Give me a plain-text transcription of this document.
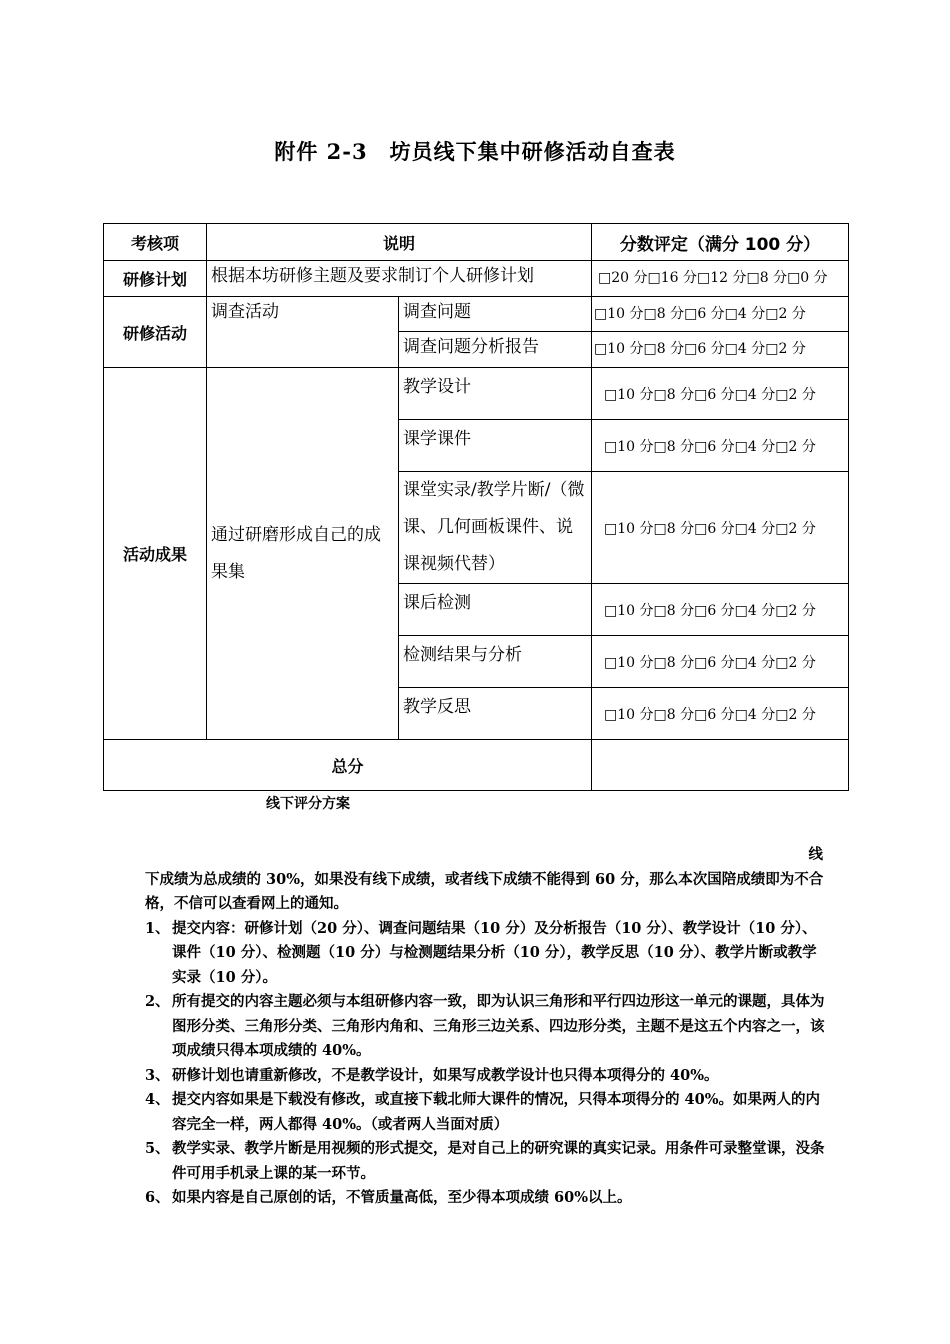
附件 2-3　坊员线下集中研修活动自查表
考核项	说明		分数评定（满分 100 分）
研修计划	根据本坊研修主题及要求制订个人研修计划		□20 分□16 分□12 分□8 分□0 分
研修活动	调查活动	调查问题	□10 分□8 分□6 分□4 分□2 分
		调查问题分析报告	□10 分□8 分□6 分□4 分□2 分
活动成果	通过研磨形成自己的成果集	教学设计	□10 分□8 分□6 分□4 分□2 分
		课学课件	□10 分□8 分□6 分□4 分□2 分
		课堂实录/教学片断/（微课、几何画板课件、说课视频代替）	□10 分□8 分□6 分□4 分□2 分
		课后检测	□10 分□8 分□6 分□4 分□2 分
		检测结果与分析	□10 分□8 分□6 分□4 分□2 分
		教学反思	□10 分□8 分□6 分□4 分□2 分
总分			
线下评分方案
线
下成绩为总成绩的 30%，如果没有线下成绩，或者线下成绩不能得到 60 分，那么本次国陪成绩即为不合格，不信可以查看网上的通知。
1、 提交内容：研修计划（20 分）、调查问题结果（10 分）及分析报告（10 分）、教学设计（10 分）、课件（10 分）、检测题（10 分）与检测题结果分析（10 分），教学反思（10 分）、教学片断或教学实录（10 分）。
2、 所有提交的内容主题必须与本组研修内容一致，即为认识三角形和平行四边形这一单元的课题，具体为图形分类、三角形分类、三角形内角和、三角形三边关系、四边形分类，主题不是这五个内容之一，该项成绩只得本项成绩的 40%。
3、 研修计划也请重新修改，不是教学设计，如果写成教学设计也只得本项得分的 40%。
4、 提交内容如果是下载没有修改，或直接下载北师大课件的情况，只得本项得分的 40%。如果两人的内容完全一样，两人都得 40%。（或者两人当面对质）
5、 教学实录、教学片断是用视频的形式提交，是对自己上的研究课的真实记录。用条件可录整堂课，没条件可用手机录上课的某一环节。
6、 如果内容是自己原创的话，不管质量高低，至少得本项成绩 60%以上。
